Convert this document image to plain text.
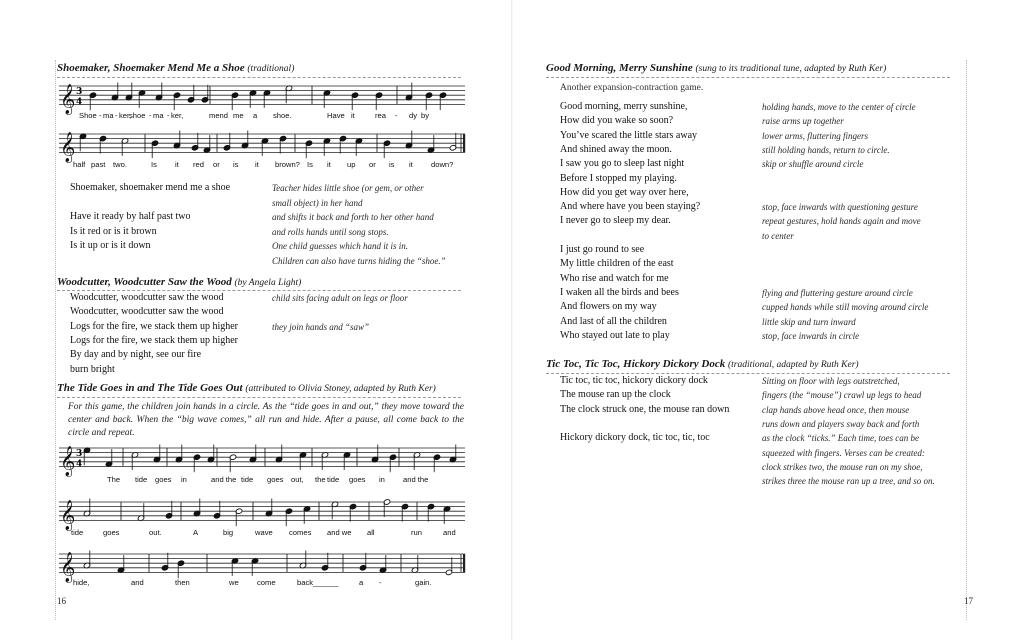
Shoemaker, Shoemaker Mend Me a Shoe (traditional)
𝄞 3
4
Shoe - ma - ker,
shoe - ma - ker,	mend me a shoe.	Have it	rea - dy by
𝄞
half past two.	Is it red or is it brown? Is it up or is it down?
Shoemaker, shoemaker mend me a shoe	Teacher hides little shoe (or gem, or other
small object) in her hand
Have it ready by half past two	and shifts it back and forth to her other hand
Is it red or is it brown	and rolls hands until song stops.
Is it up or is it down	One child guesses which hand it is in.
Children can also have turns hiding the “shoe.”
Woodcutter, Woodcutter Saw the Wood (by Angela Light)
Woodcutter, woodcutter saw the wood	child sits facing adult on legs or floor
Woodcutter, woodcutter saw the wood
Logs for the fire, we stack them up higher	they join hands and “saw”
Logs for the fire, we stack them up higher
By day and by night, see our fire
burn bright
The Tide Goes in and The Tide Goes Out (attributed to Olivia Stoney, adapted by Ruth Ker)
For this game, the children join hands in a circle. As the “tide goes in and out,” they move toward the center and back. When the “big wave comes,” all run and hide. After a pause, all come back to the circle and repeat.
𝄞 3
4
The tide goes in	and the tide goes out, the tide goes in and the
𝄞
tide	goes	out.	A	big	wave comes and we all	run	and
𝄞
hide,	and	then	we come	back______	a -	gain.
16
Good Morning, Merry Sunshine (sung to its traditional tune, adapted by Ruth Ker)
Another expansion-contraction game.
Good morning, merry sunshine,	holding hands, move to the center of circle
How did you wake so soon?	raise arms up together
You’ve scared the little stars away	lower arms, fluttering fingers
And shined away the moon.	still holding hands, return to circle.
I saw you go to sleep last night	skip or shuffle around circle
Before I stopped my playing.
How did you get way over here,
And where have you been staying?	stop, face inwards with questioning gesture
I never go to sleep my dear.	repeat gestures, hold hands again and move
to center
I just go round to see
My little children of the east
Who rise and watch for me
I waken all the birds and bees	flying and fluttering gesture around circle
And flowers on my way	cupped hands while still moving around circle
And last of all the children	little skip and turn inward
Who stayed out late to play	stop, face inwards in circle
Tic Toc, Tic Toc, Hickory Dickory Dock (traditional, adapted by Ruth Ker)
Tic toc, tic toc, hickory dickory dock	Sitting on floor with legs outstretched,
The mouse ran up the clock	fingers (the “mouse”) crawl up legs to head
The clock struck one, the mouse ran down	clap hands above head once, then mouse
runs down and players sway back and forth
Hickory dickory dock, tic toc, tic, toc	as the clock “ticks.” Each time, toes can be
squeezed with fingers. Verses can be created:
clock strikes two, the mouse ran on my shoe,
strikes three the mouse ran up a tree, and so on.
17
